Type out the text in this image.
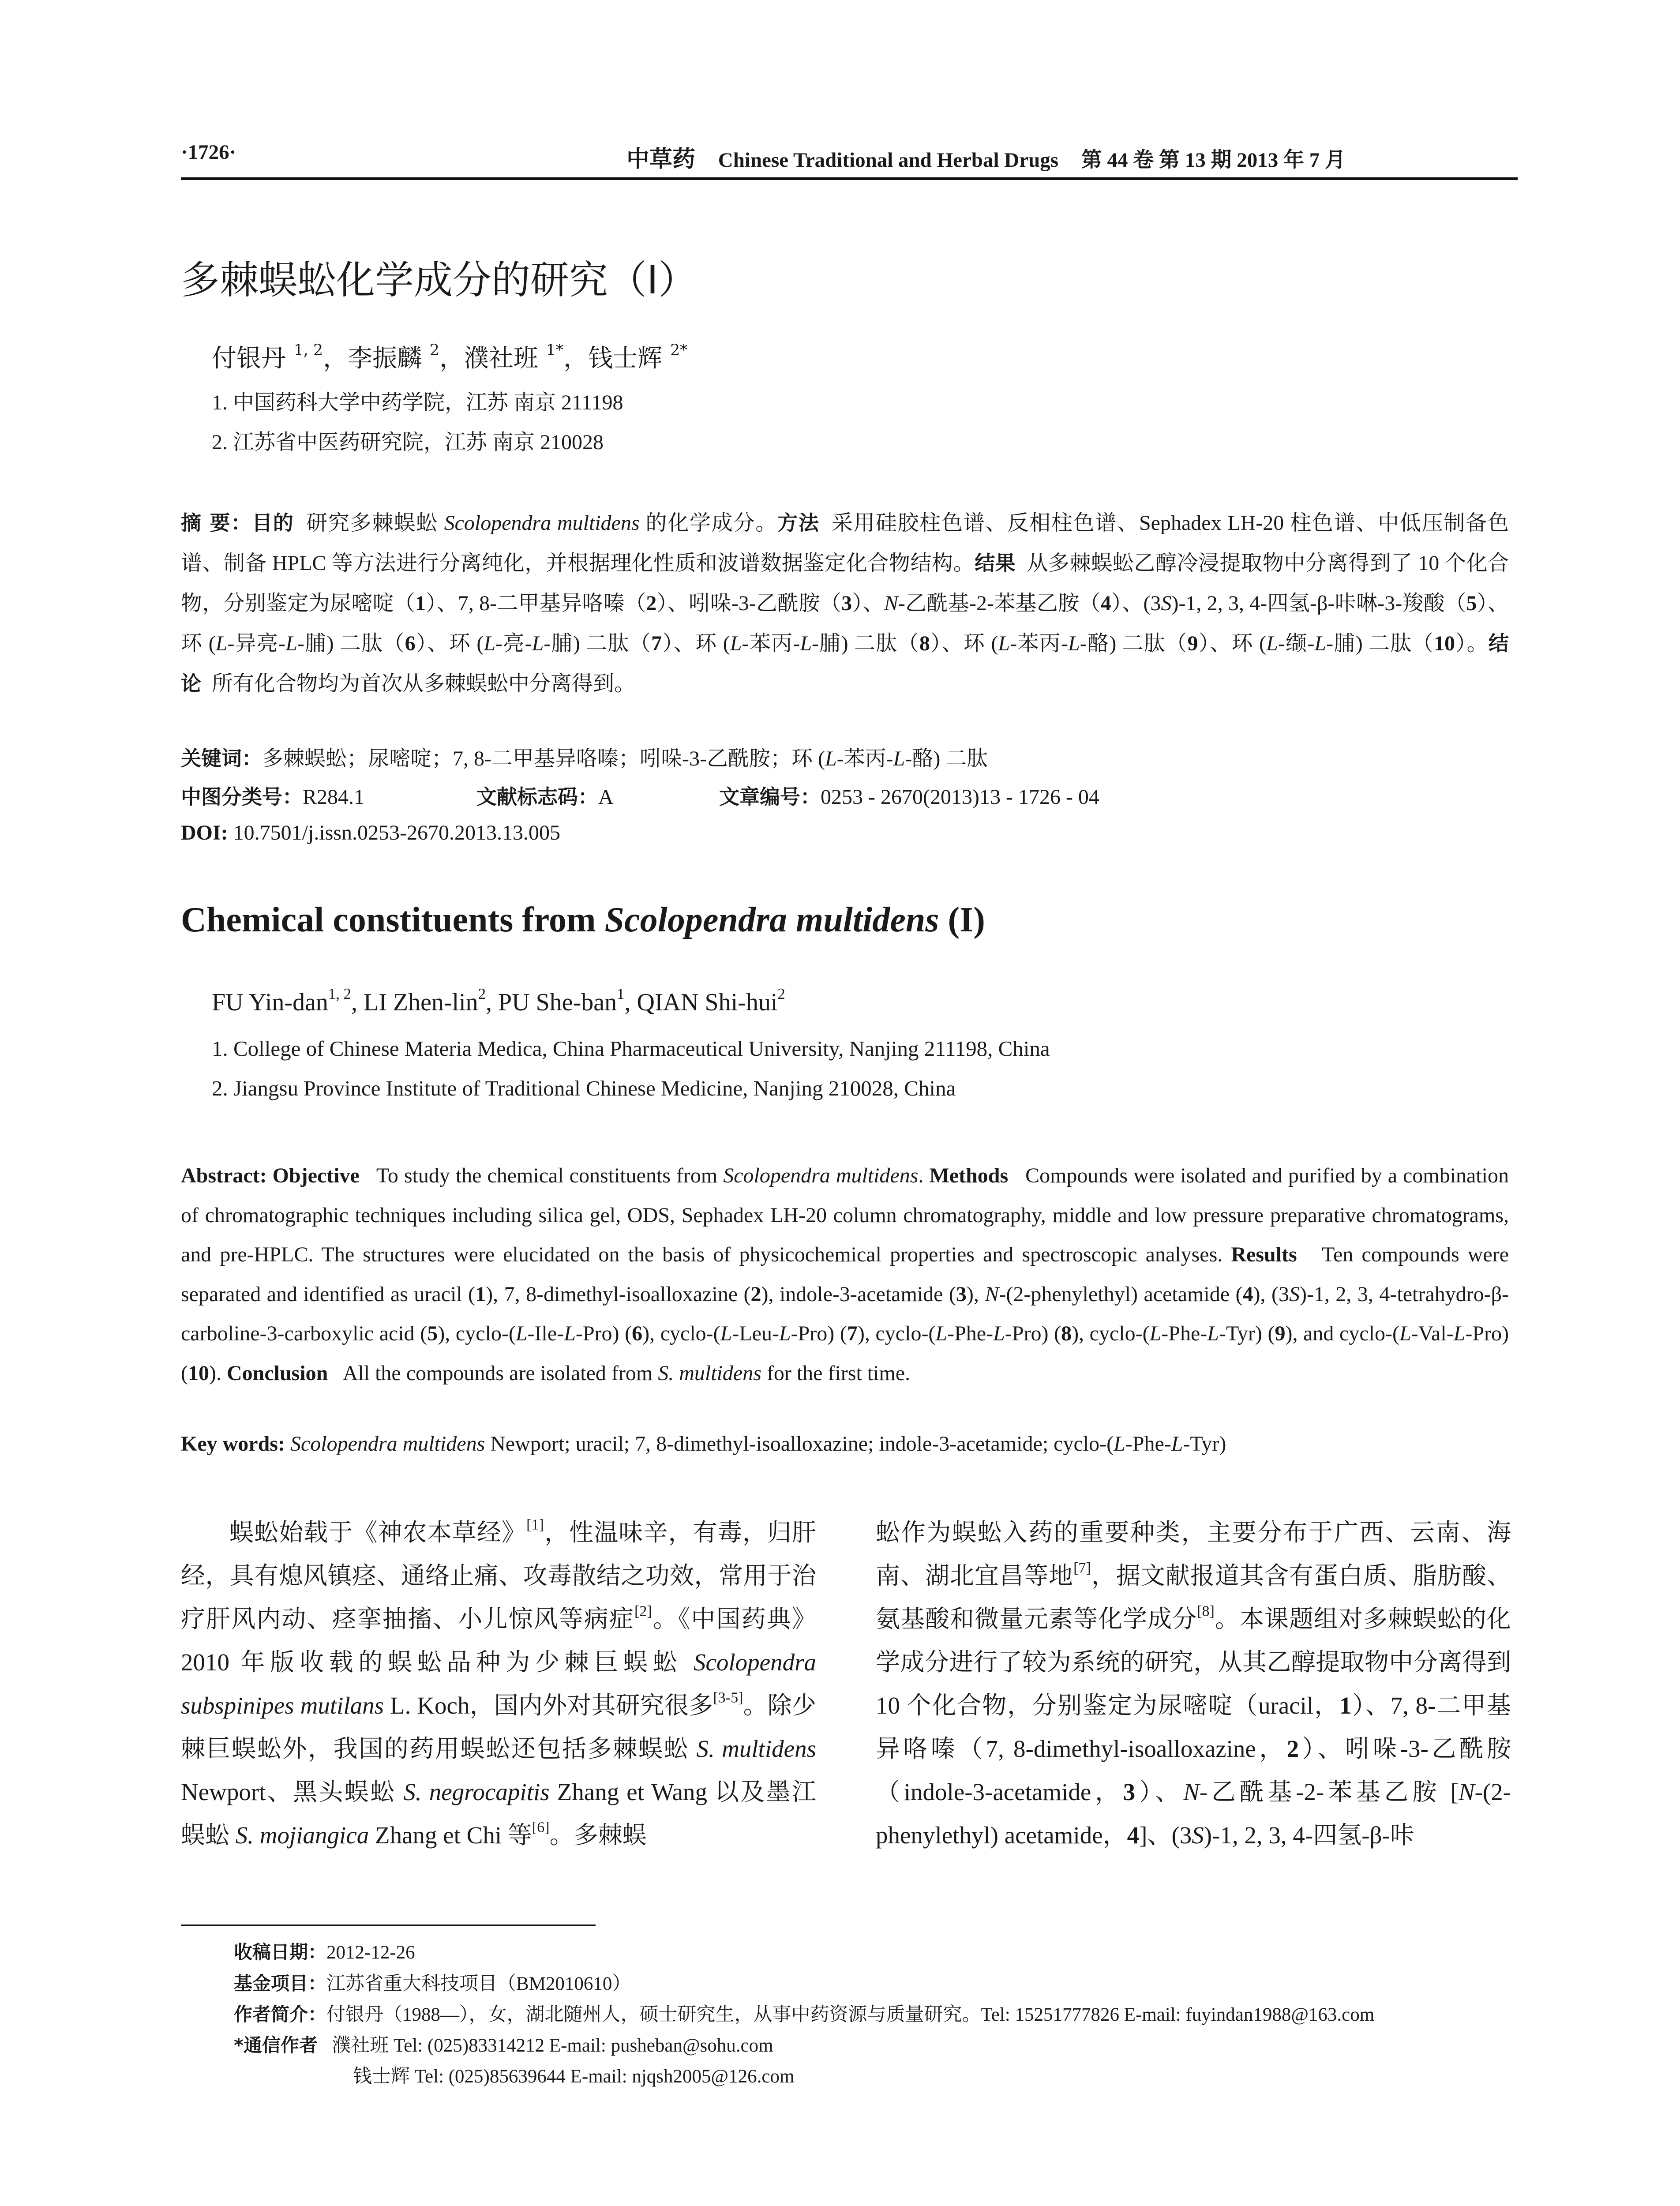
·1726·	中草药 Chinese Traditional and Herbal Drugs 第 44 卷 第 13 期 2013 年 7 月
多棘蜈蚣化学成分的研究（I）
付银丹 $^{1, 2}$，李振麟 $^2$，濮社班 $^{1*}$，钱士辉 $^{2*}$
1. 中国药科大学中药学院，江苏 南京 211198
2. 江苏省中医药研究院，江苏 南京 210028
摘 要：目的  研究多棘蜈蚣 Scolopendra multidens 的化学成分。方法 采用硅胶柱色谱、反相柱色谱、Sephadex LH-20 柱色谱、中低压制备色谱、制备 HPLC 等方法进行分离纯化，并根据理化性质和波谱数据鉴定化合物结构。结果  从多棘蜈蚣乙醇冷浸提取物中分离得到了 10 个化合物，分别鉴定为尿嘧啶（1）、7, 8-二甲基异咯嗪（2）、吲哚-3-乙酰胺（3）、N-乙酰基-2-苯基乙胺（4）、(3S)-1, 2, 3, 4-四氢-β-咔啉-3-羧酸（5）、环 (L-异亮-L-脯) 二肽（6）、环 (L-亮-L-脯) 二肽（7）、环 (L-苯丙-L-脯) 二肽（8）、环 (L-苯丙-L-酪) 二肽（9）、环 (L-缬-L-脯) 二肽（10）。结论 所有化合物均为首次从多棘蜈蚣中分离得到。
关键词：多棘蜈蚣；尿嘧啶；7, 8-二甲基异咯嗪；吲哚-3-乙酰胺；环 (L-苯丙-L-酪) 二肽
中图分类号：R284.1	文献标志码：A	文章编号：0253 - 2670(2013)13 - 1726 - 04
DOI: 10.7501/j.issn.0253-2670.2013.13.005
Chemical constituents from Scolopendra multidens (I)
FU Yin-dan$^{1, 2}$, LI Zhen-lin$^2$, PU She-ban$^1$, QIAN Shi-hui$^2$
1. College of Chinese Materia Medica, China Pharmaceutical University, Nanjing 211198, China
2. Jiangsu Province Institute of Traditional Chinese Medicine, Nanjing 210028, China
Abstract: Objective   To study the chemical constituents from Scolopendra multidens. Methods Compounds were isolated and purified by a combination of chromatographic techniques including silica gel, ODS, Sephadex LH-20 column chromatography, middle and low pressure preparative chromatograms, and pre-HPLC. The structures were elucidated on the basis of physicochemical properties and spectroscopic analyses. Results   Ten compounds were separated and identified as uracil (1), 7, 8-dimethyl-isoalloxazine (2), indole-3-acetamide (3), N-(2-phenylethyl) acetamide (4), (3S)-1, 2, 3, 4-tetrahydro-β-carboline-3-carboxylic acid (5), cyclo-(L-Ile-L-Pro) (6), cyclo-(L-Leu-L-Pro) (7), cyclo-(L-Phe-L-Pro) (8), cyclo-(L-Phe-L-Tyr) (9), and cyclo-(L-Val-L-Pro) (10). Conclusion   All the compounds are isolated from S. multidens for the first time.
Key words: Scolopendra multidens Newport; uracil; 7, 8-dimethyl-isoalloxazine; indole-3-acetamide; cyclo-(L-Phe-L-Tyr)
蜈蚣始载于《神农本草经》[1]，性温味辛，有毒，归肝经，具有熄风镇痉、通络止痛、攻毒散结之功效，常用于治疗肝风内动、痉挛抽搐、小儿惊风等病症[2]。《中国药典》2010 年版收载的蜈蚣品种为少棘巨蜈蚣 Scolopendra subspinipes mutilans L. Koch，国内外对其研究很多[3-5]。除少棘巨蜈蚣外，我国的药用蜈蚣还包括多棘蜈蚣 S. multidens Newport、黑头蜈蚣 S. negrocapitis Zhang et Wang 以及墨江蜈蚣 S. mojiangica Zhang et Chi 等[6]。多棘蜈
蚣作为蜈蚣入药的重要种类，主要分布于广西、云南、海南、湖北宜昌等地[7]，据文献报道其含有蛋白质、脂肪酸、氨基酸和微量元素等化学成分[8]。本课题组对多棘蜈蚣的化学成分进行了较为系统的研究，从其乙醇提取物中分离得到 10 个化合物，分别鉴定为尿嘧啶（uracil，1）、7, 8-二甲基异咯嗪（7, 8-dimethyl-isoalloxazine，2）、吲哚-3-乙酰胺（indole-3-acetamide，3）、N-乙酰基-2-苯基乙胺 [N-(2-phenylethyl) acetamide，4]、(3S)-1, 2, 3, 4-四氢-β-咔
收稿日期：2012-12-26
基金项目：江苏省重大科技项目（BM2010610）
作者简介：付银丹（1988—），女，湖北随州人，硕士研究生，从事中药资源与质量研究。Tel: 15251777826 E-mail: fuyindan1988@163.com
*通信作者 濮社班 Tel: (025)83314212 E-mail: pusheban@sohu.com
钱士辉 Tel: (025)85639644 E-mail: njqsh2005@126.com
